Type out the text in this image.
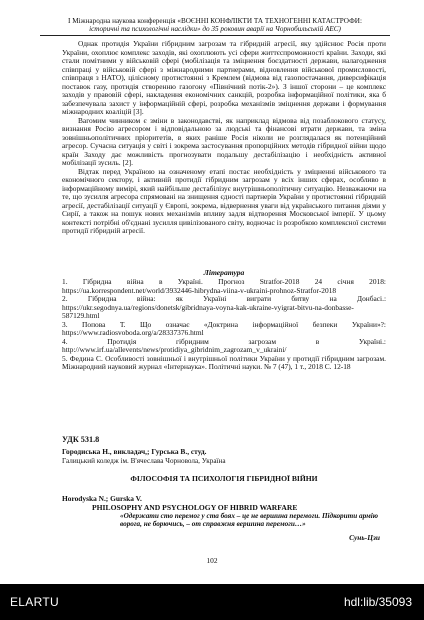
І Міжнародна наукова конференція «ВОЄННІ КОНФЛІКТИ ТА ТЕХНОГЕННІ КАТАСТРОФИ:
історичні та психологічні наслідки» до 35 роковин аварії на Чорнобильській АЕС)

Однак протидія України гібридним загрозам та гібридній агресії, яку здійснює Росія проти України, охоплює комплекс заходів, які охоплюють усі сфери життєспроможності країни. Заходи, які стали помітними у військовій сфері (мобілізація та зміцнення боєздатності держави, налагодження співпраці у військовій сфері з міжнародними партнерами, відновлення військової промисловості, співпраця з НАТО), цілісному протистоянні з Кремлем (відмова від газопостачання, диверсифікація поставок газу, протидія створенню газогону «Північний потік-2»). З іншої сторони – це комплекс заходів у правовій сфері, накладення економічних санкцій, розробка інформаційної політики, яка б забезпечувала захист у інформаційній сфері, розробка механізмів зміцнення держави і формування міжнародних коаліцій [3].

Вагомим чинником є зміни в законодавстві, як наприклад відмова від позаблокового статусу, визнання Росію агресором і відповідальною за людські та фінансові втрати держави, та зміна зовнішньополітичних пріоритетів, в яких раніше Росія ніколи не розглядалася як потенційний агресор. Сучасна ситуація у світі і зокрема застосування пропорційних методів гібридної війни щодо країн Заходу дає можливість прогнозувати подальшу дестабілізацію і необхідність активної мобілізації зусиль. [2].

Відтак перед Україною на означеному етапі постає необхідність у зміцненні військового та економічного сектору, і активній протидії гібридним загрозам у всіх інших сферах, особливо в інформаційному вимірі, який найбільше дестабілізує внутрішньополітичну ситуацію. Незважаючи на те, що зусилля агресора спрямовані на знищення єдності партнерів України у протистоянні гібридній агресії, дестабілізації ситуації у Європі, зокрема, відвернення уваги від українського питання діями у Сирії, а також на пошук нових механізмів впливу задля відтворення Московської імперії. У цьому контексті потрібні об'єднані зусилля цивілізованого світу, водночас із розробкою комплексної системи протидії гібридній агресії.

Література

1. Гібридна війна в Україні. Прогноз Stratfor-2018 24 січня 2018: https://ua.korrespondent.net/world/3932446-hibrydna-viina-v-ukraini-prohnoz-Stratfor-2018

2. Гібридна війна: як Україні виграти битву на Донбасі.: https://ukr.segodnya.ua/regions/donetsk/gibridnaya-voyna-kak-ukraine-vyigrat-bitvu-na-donbasse-587129.html

3. Попова Т. Що означає «Доктрина інформаційної безпеки України»?: https://www.radiosvoboda.org/a/28337376.html

4. Протидія гібридним загрозам в Україні.: http://www.irf.ua/allevents/news/protidiya_gibridnim_zagrozam_v_ukraini/

5. Федина С. Особливості зовнішньої і внутрішньої політики України у протидії гібридним загрозам. Міжнародний науковий журнал «Інтернаука». Політичні науки. № 7 (47), 1 т., 2018 С. 12-18

УДК 531.8
Городиська Н., викладач,; Гурська В., студ.
Галицький коледж ім. В'ячеслава Чорновола, Україна
ФІЛОСОФІЯ ТА ПСИХОЛОГІЯ ГІБРИДНОЇ ВІЙНИ
Horodyska N.; Gurska V.
PHILOSOPHY AND PSYCHOLOGY OF HIBRID WARFARE
«Одержати сто перемог у ста боях – це не вершина перемоги. Підкорити армію ворога, не борючись, – от справжня вершина перемоги…»
Сунь-Цзи
102
ELARTU	hdl:lib/35093
